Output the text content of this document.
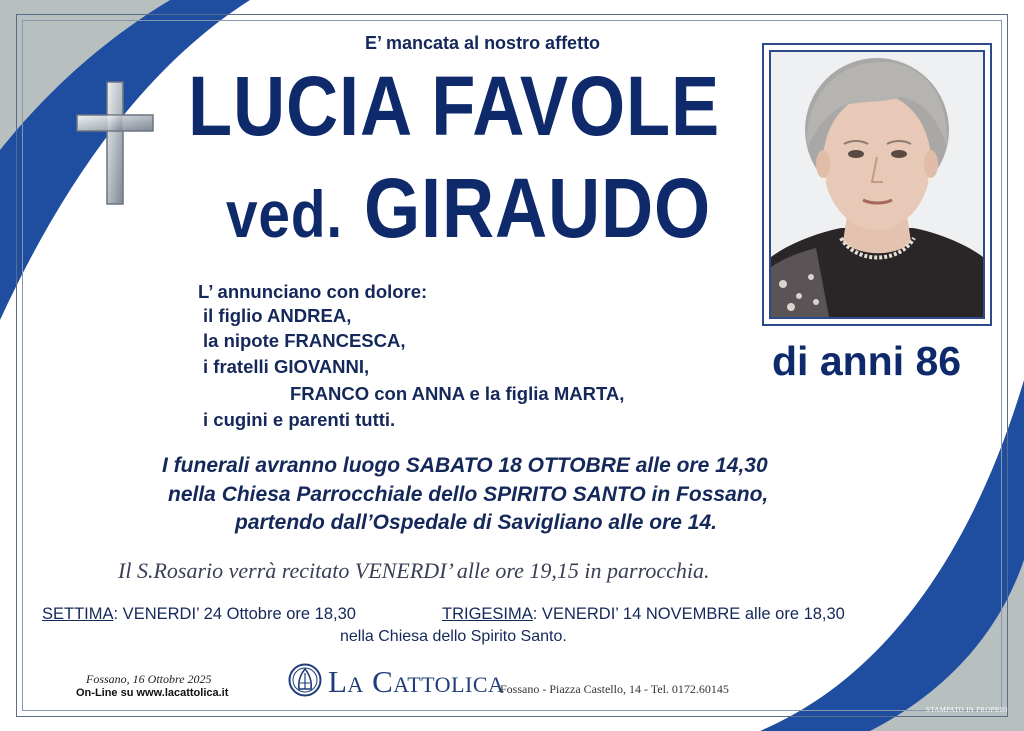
E’ mancata al nostro affetto
LUCIA FAVOLE
ved. GIRAUDO
di anni 86
L’ annunciano con dolore:
il figlio ANDREA,
la nipote FRANCESCA,
i fratelli GIOVANNI,
FRANCO con ANNA e la figlia MARTA,
i cugini e parenti tutti.
I funerali avranno luogo SABATO 18 OTTOBRE alle ore 14,30
nella Chiesa Parrocchiale dello SPIRITO SANTO in Fossano,
partendo dall’Ospedale di Savigliano alle ore 14.
Il S.Rosario verrà recitato VENERDI’ alle ore 19,15 in parrocchia.
SETTIMA: VENERDI’ 24 Ottobre ore 18,30	TRIGESIMA: VENERDI’ 14 NOVEMBRE alle ore 18,30
nella Chiesa dello Spirito Santo.
Fossano, 16 Ottobre 2025
On-Line su www.lacattolica.it	La Cattolica
Fossano - Piazza Castello, 14 - Tel. 0172.60145
STAMPATO IN PROPRIO
